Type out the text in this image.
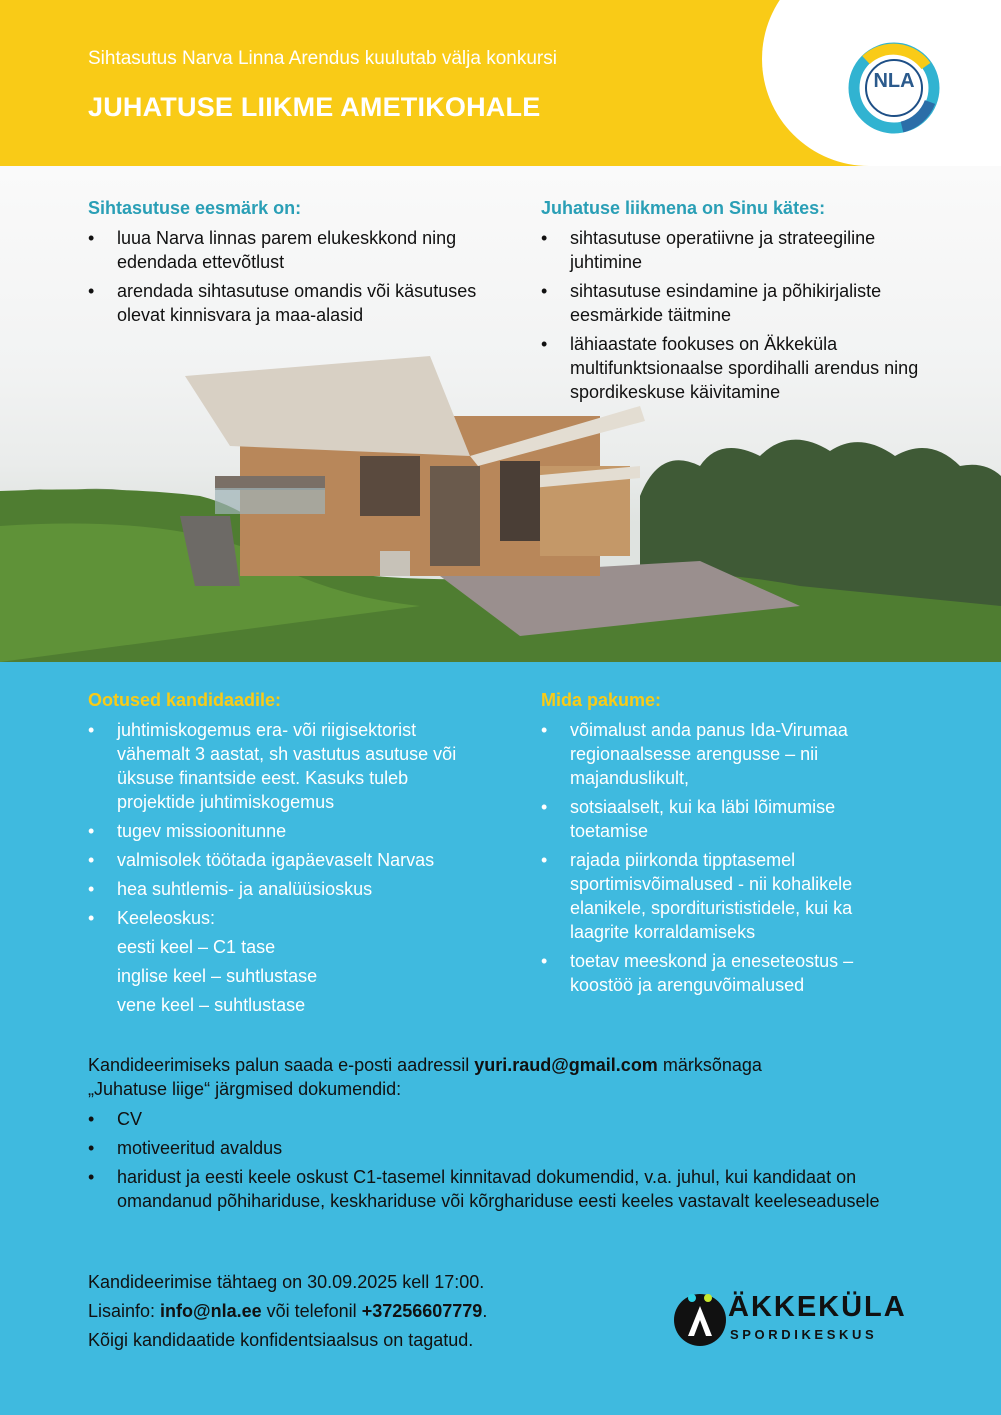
Sihtasutus Narva Linna Arendus kuulutab välja konkursi
JUHATUSE LIIKME AMETIKOHALE
NLA
Sihtasutuse eesmärk on:
• luua Narva linnas parem elukeskkond ning edendada ettevõtlust
• arendada sihtasutuse omandis või käsutuses olevat kinnisvara ja maa-alasid
Juhatuse liikmena on Sinu kätes:
• sihtasutuse operatiivne ja strateegiline juhtimine
• sihtasutuse esindamine ja põhikirjaliste eesmärkide täitmine
• lähiaastate fookuses on Äkkeküla multifunktsionaalse spordihalli arendus ning spordikeskuse käivitamine
Ootused kandidaadile:
• juhtimiskogemus era- või riigisektorist vähemalt 3 aastat, sh vastutus asutuse või üksuse finantside eest. Kasuks tuleb projektide juhtimiskogemus
• tugev missioonitunne
• valmisolek töötada igapäevaselt Narvas
• hea suhtlemis- ja analüüsioskus
• Keeleoskus:
eesti keel – C1 tase
inglise keel – suhtlustase
vene keel – suhtlustase
Mida pakume:
• võimalust anda panus Ida-Virumaa regionaalsesse arengusse – nii majanduslikult,
• sotsiaalselt, kui ka läbi lõimumise toetamise
• rajada piirkonda tipptasemel sportimisvõimalused - nii kohalikele elanikele, sporditurististidele, kui ka laagrite korraldamiseks
• toetav meeskond ja eneseteostus – koostöö ja arenguvõimalused

Kandideerimiseks palun saada e-posti aadressil yuri.raud@gmail.com märksõnaga
„Juhatuse liige“ järgmised dokumendid:

• CV
• motiveeritud avaldus
• haridust ja eesti keele oskust C1-tasemel kinnitavad dokumendid, v.a. juhul, kui kandidaat on omandanud põhihariduse, keskhariduse või kõrghariduse eesti keeles vastavalt keeleseadusele

Kandideerimise tähtaeg on 30.09.2025 kell 17:00.

Lisainfo: info@nla.ee või telefonil +37256607779.

Kõigi kandidaatide konfidentsiaalsus on tagatud.

ÄKKEKÜLA
SPORDIKESKUS
